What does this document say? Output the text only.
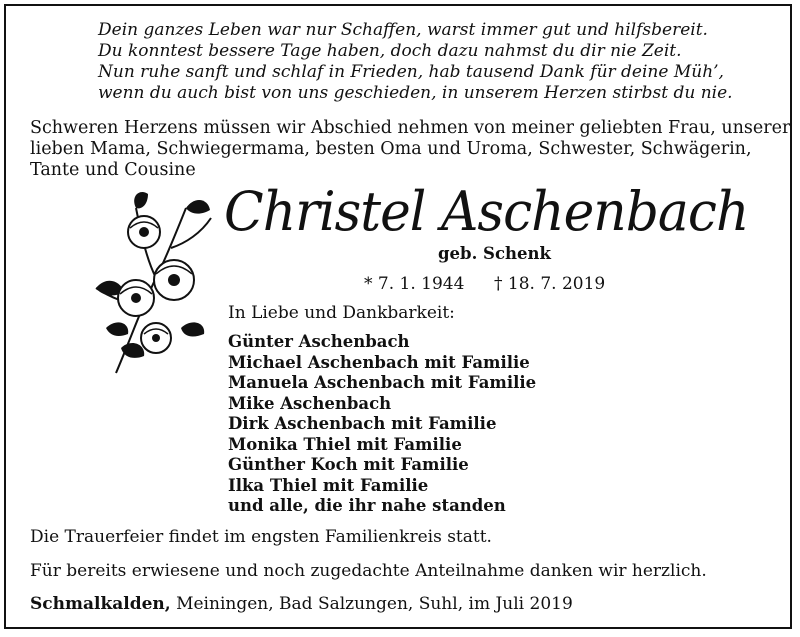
Dein ganzes Leben war nur Schaffen, warst immer gut und hilfsbereit.
Du konntest bessere Tage haben, doch dazu nahmst du dir nie Zeit.
Nun ruhe sanft und schlaf in Frieden, hab tausend Dank für deine Müh’,
wenn du auch bist von uns geschieden, in unserem Herzen stirbst du nie.
Schweren Herzens müssen wir Abschied nehmen von meiner geliebten Frau, unserer
lieben Mama, Schwiegermama, besten Oma und Uroma, Schwester, Schwägerin,
Tante und Cousine
Christel Aschenbach
geb. Schenk
* 7. 1. 1944 † 18. 7. 2019
In Liebe und Dankbarkeit:
Günter Aschenbach
Michael Aschenbach mit Familie
Manuela Aschenbach mit Familie
Mike Aschenbach
Dirk Aschenbach mit Familie
Monika Thiel mit Familie
Günther Koch mit Familie
Ilka Thiel mit Familie
und alle, die ihr nahe standen
Die Trauerfeier findet im engsten Familienkreis statt.
Für bereits erwiesene und noch zugedachte Anteilnahme danken wir herzlich.
Schmalkalden, Meiningen, Bad Salzungen, Suhl, im Juli 2019
